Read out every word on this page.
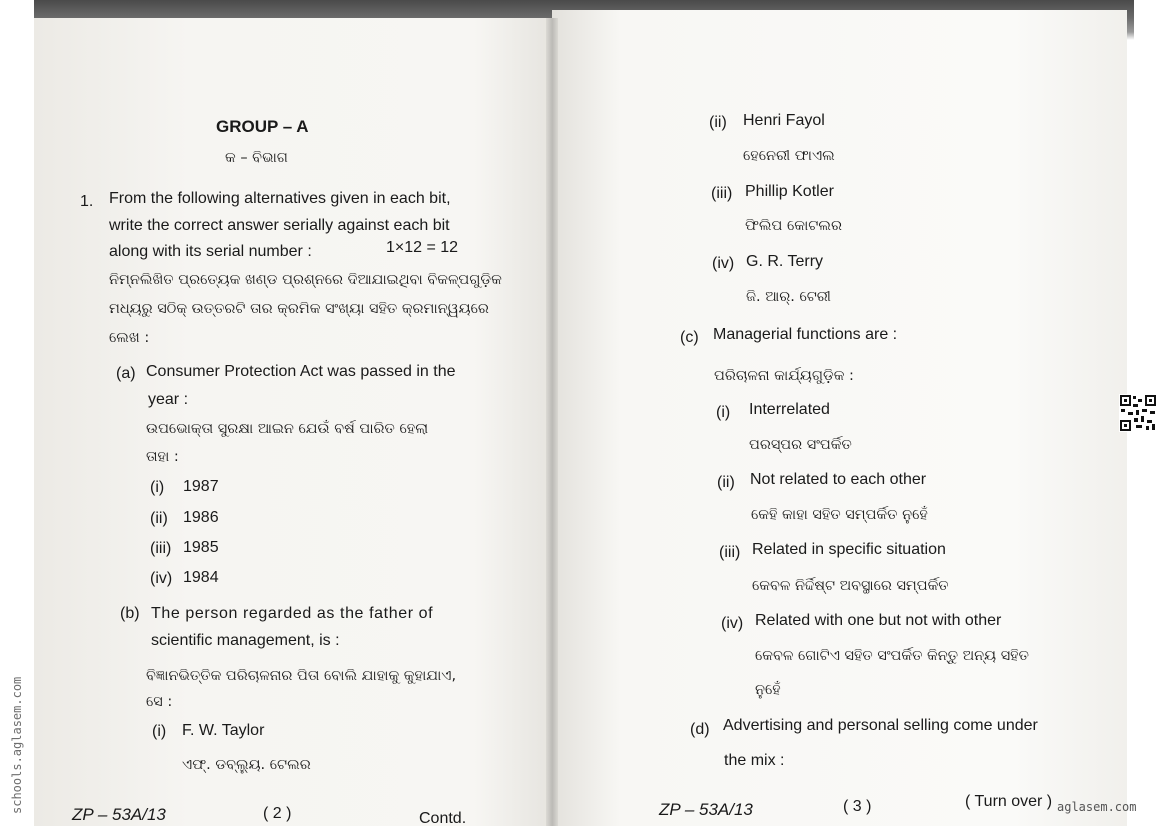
GROUP – A
କ – ବିଭାଗ
1. From the following alternatives given in each bit,
write the correct answer serially against each bit
along with its serial number :	1×12 = 12
ନିମ୍ନଲିଖିତ ପ୍ରତ୍ୟେକ ଖଣ୍ଡ ପ୍ରଶ୍ନରେ ଦିଆଯାଇଥିବା ବିକଳ୍ପଗୁଡ଼ିକ
ମଧ୍ୟରୁ ସଠିକ୍ ଉତ୍ତରଟି ତାର କ୍ରମିକ ସଂଖ୍ୟା ସହିତ କ୍ରମାନ୍ୱୟରେ
ଲେଖ :
(a) Consumer Protection Act was passed in the
year :
ଉପଭୋକ୍ତା ସୁରକ୍ଷା ଆଇନ ଯେଉଁ ବର୍ଷ ପାରିତ ହେଲା
ତାହା :
(i) 1987
(ii) 1986
(iii) 1985
(iv) 1984
(b) The person regarded as the father of
scientific management, is :
ବିଜ୍ଞାନଭିତ୍ତିକ ପରିଚାଳନାର ପିତା ବୋଲି ଯାହାକୁ କୁହାଯାଏ,
ସେ :
(i) F. W. Taylor
ଏଫ୍. ଡବ୍ଲ୍ୟୁ. ଟେଲର
ZP – 53A/13	( 2 )	Contd.
(ii) Henri Fayol
ହେନେରୀ ଫାଏଲ
(iii) Phillip Kotler
ଫିଲିପ କୋଟଲର
(iv) G. R. Terry
ଜି. ଆର୍. ଟେରୀ
(c) Managerial functions are :
ପରିଚାଳନା କାର୍ଯ୍ୟଗୁଡ଼ିକ :
(i) Interrelated
ପରସ୍ପର ସଂପର୍କିତ
(ii) Not related to each other
କେହି କାହା ସହିତ ସମ୍ପର୍କିତ ନୁହେଁ
(iii) Related in specific situation
କେବଳ ନିର୍ଦ୍ଦିଷ୍ଟ ଅବସ୍ଥାରେ ସମ୍ପର୍କିତ
(iv) Related with one but not with other
କେବଳ ଗୋଟିଏ ସହିତ ସଂପର୍କିତ କିନ୍ତୁ ଅନ୍ୟ ସହିତ
ନୁହେଁ
(d) Advertising and personal selling come under
the mix :
ZP – 53A/13	( 3 )	( Turn over )
schools.aglasem.com	aglasem.com
